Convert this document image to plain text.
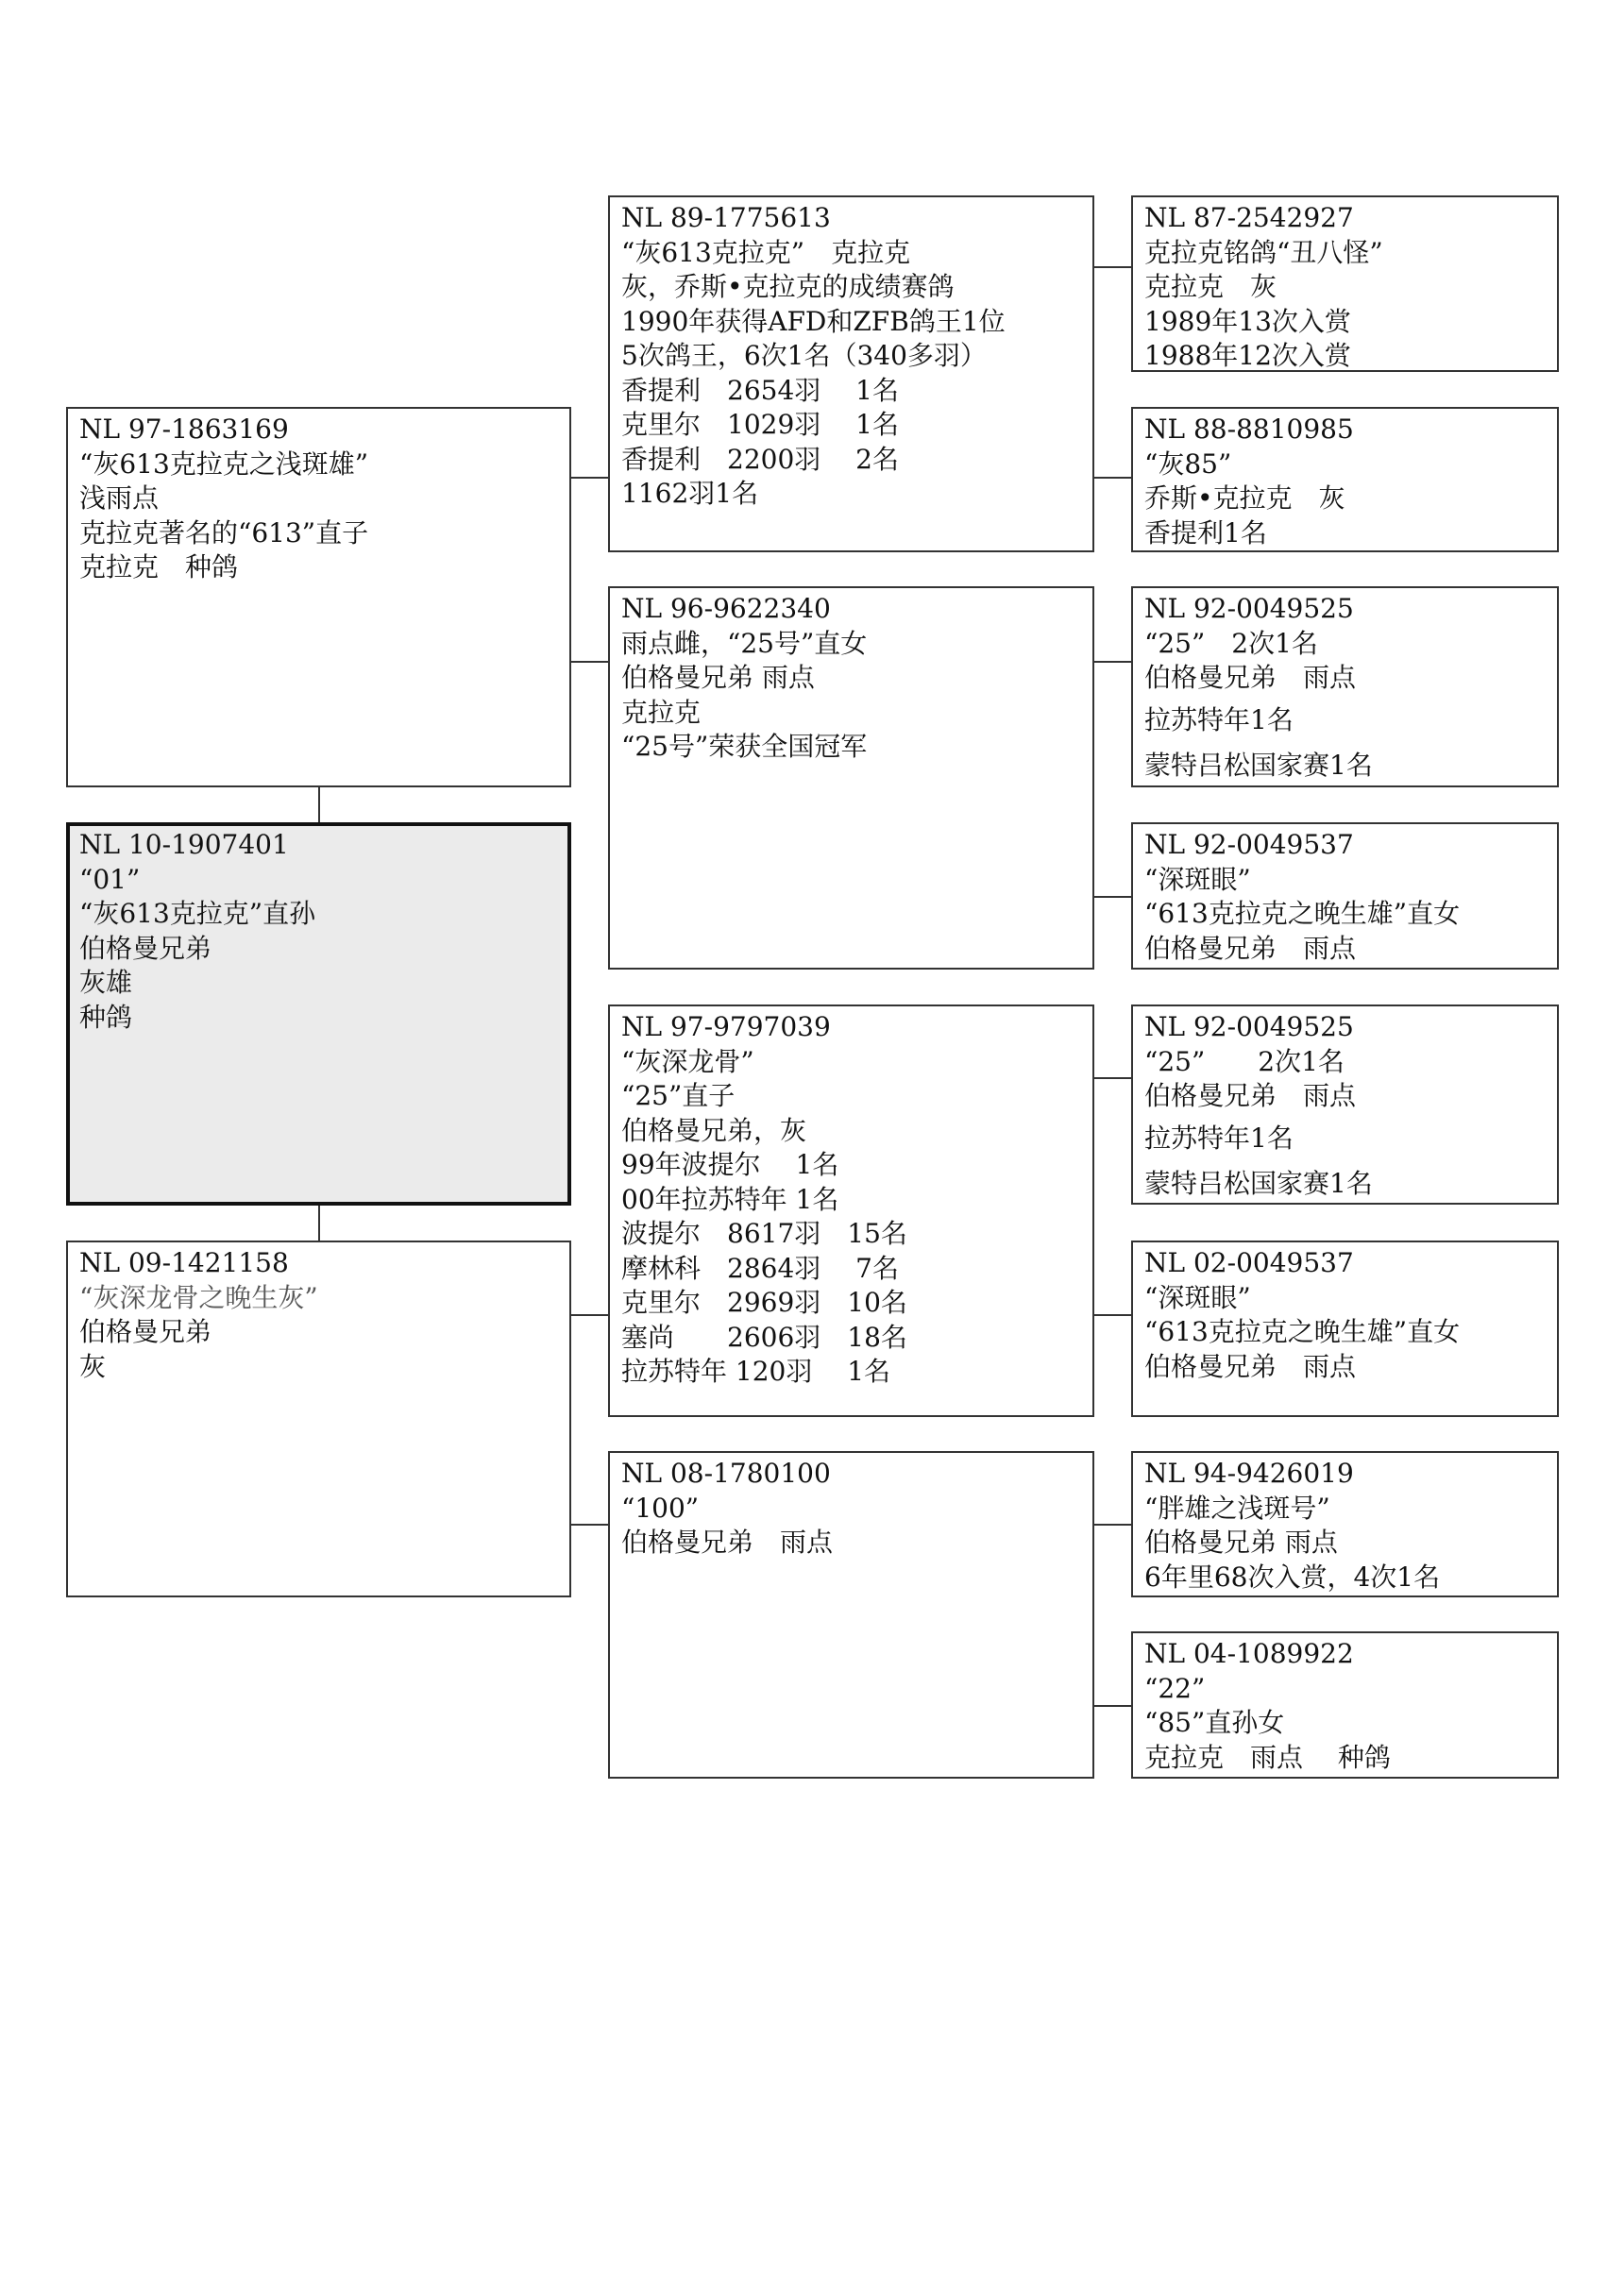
NL 97-1863169
“灰613克拉克之浅斑雄”
浅雨点
克拉克著名的“613”直子
克拉克　种鸽
NL 10-1907401
“01”
“灰613克拉克”直孙
伯格曼兄弟
灰雄
种鸽
NL 09-1421158
“灰深龙骨之晚生灰”
伯格曼兄弟
灰
NL 89-1775613
“灰613克拉克”　克拉克
灰，乔斯•克拉克的成绩赛鸽
1990年获得AFD和ZFB鸽王1位
5次鸽王，6次1名（340多羽）
香提利　2654羽　 1名
克里尔　1029羽　 1名
香提利　2200羽　 2名
1162羽1名
NL 96-9622340
雨点雌，“25号”直女
伯格曼兄弟 雨点
克拉克
“25号”荣获全国冠军
NL 97-9797039
“灰深龙骨”
“25”直子
伯格曼兄弟，灰
99年波提尔　 1名
00年拉苏特年 1名
波提尔　8617羽　15名
摩林科　2864羽　 7名
克里尔　2969羽　10名
塞尚　　2606羽　18名
拉苏特年 120羽 　1名
NL 08-1780100
“100”
伯格曼兄弟　雨点
NL 87-2542927
克拉克铭鸽“丑八怪”
克拉克　灰
1989年13次入赏
1988年12次入赏
NL 88-8810985
“灰85”
乔斯•克拉克　灰
香提利1名
NL 92-0049525
“25”　2次1名
伯格曼兄弟　雨点
拉苏特年1名
蒙特吕松国家赛1名
NL 92-0049537
“深斑眼”
“613克拉克之晚生雄”直女
伯格曼兄弟　雨点
NL 92-0049525
“25”　　2次1名
伯格曼兄弟　雨点
拉苏特年1名
蒙特吕松国家赛1名
NL 02-0049537
“深斑眼”
“613克拉克之晚生雄”直女
伯格曼兄弟　雨点
NL 94-9426019
“胖雄之浅斑号”
伯格曼兄弟 雨点
6年里68次入赏，4次1名
NL 04-1089922
“22”
“85”直孙女
克拉克　雨点　 种鸽
